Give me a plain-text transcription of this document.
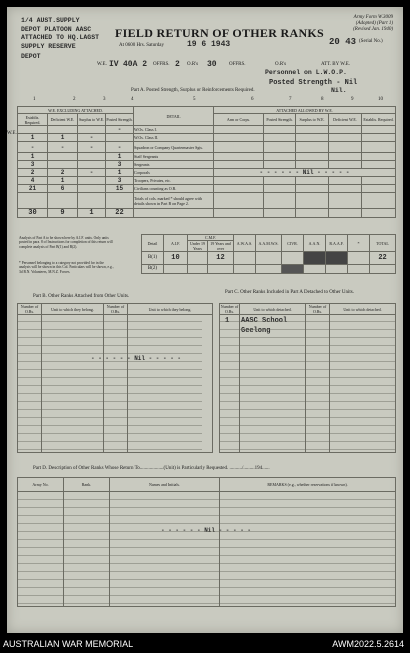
1/4 AUST.SUPPLY
DEPOT PLATOON AASC
ATTACHED TO HQ.LAGST
SUPPLY RESERVE
DEPOT
FIELD RETURN OF OTHER RANKS
Army Form W.3009
(Adopted) (Part 1)
(Revised Jan. 1940)
20 43 (Serial No.)
At 0600 Hrs. Saturday	19 6 1943
W.E. IV 40A 2 OFFRS. 2 O.R's 30 OFFRS.	O.R's	ATT. BY W.E.
Personnel on L.W.O.P.
Posted Strength - Nil
Nil.
Part A. Posted Strength, Surplus or Reinforcements Required.
1	2	3	4	5	6	7	8	9	10
W.E. EXCLUDING ATTACHED.				DETAIL	ATTACHED ALLOWED BY W.E.				
Establis. Required.	Deficient W.E.	Surplus to W.E.	Posted Strength.		Arm or Corps.	Posted Strength.	Surplus to W.E.	Deficient W.E.	Establis. Required.
			-	W.Os. Class I.					
1	1	-		W.Os. Class II.					
-	-	-	-	Squadron or Company Quartermaster Sgts.					
1			1	Staff Sergeants					
3			3	Sergeants					
2	2	-	1	Corporals	- - - - - - Nil - - - - -				
4	1		3	Troopers, Privates, etc.					
21	6		15	Civilians counting as O.R.					
				Totals of cols. marked * should agree with details shown in Part B on Page 2.					
30	9	1	22						
W.E.
Analysis of Part A to be shown here by A.I.F. units. Only units posted in para. 8 of Instructions for completion of this return will complete analysis of Part B(1) and B(2).
* Personnel belonging to a category not provided for in the analysis will be shown in this Col. Particulars will be shown, e.g., 3d B.N. Volunteers, M.N.Z. Forces.
Detail	A.I.F.	C.M.F.		A.W.A.S.	A.A.M.W.S.	CIVR.	A.A.N.	R.A.A.F.	*	TOTAL
		Under 19 Years	19 Years and over							
B(1)	10		12							22
B(2)										
Part B. Other Ranks Attached from Other Units.
Number of O.Rs.	Unit to which they belong.	Number of O.Rs.	Unit to which they belong.

- - - - - - Nil - - - - -
Part C. Other Ranks Included in Part A Detached to Other Units.
Number of O.Rs.	Unit to which detached.	Number of O.Rs.	Unit to which detached.

1 AASC School
Geelong
Part D. Description of Other Ranks Whose Return To...................(Unit) is Particularly Requested. ........../.........194......
Army No.	Rank.	Names and Initials.	REMARKS (e.g., whether reservations if known).

- - - - - - Nil - - - - -
AUSTRALIAN WAR MEMORIAL	AWM2022.5.2614
